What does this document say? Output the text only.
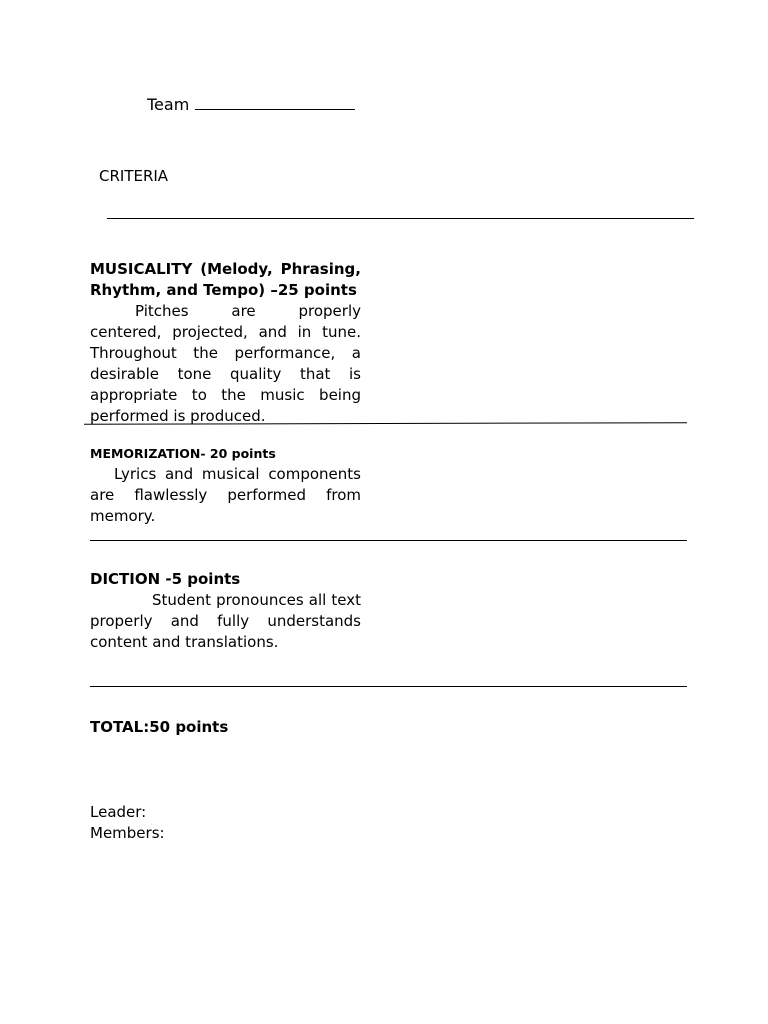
Team
CRITERIA
MUSICALITY (Melody, Phrasing, Rhythm, and Tempo) –25 points
Pitches are properly centered, projected, and in tune. Throughout the performance, a desirable tone quality that is appropriate to the music being performed is produced.
MEMORIZATION- 20 points
Lyrics and musical components are flawlessly performed from memory.
DICTION -5 points
Student pronounces all text properly and fully understands content and translations.
TOTAL:50 points
Leader:
Members:
